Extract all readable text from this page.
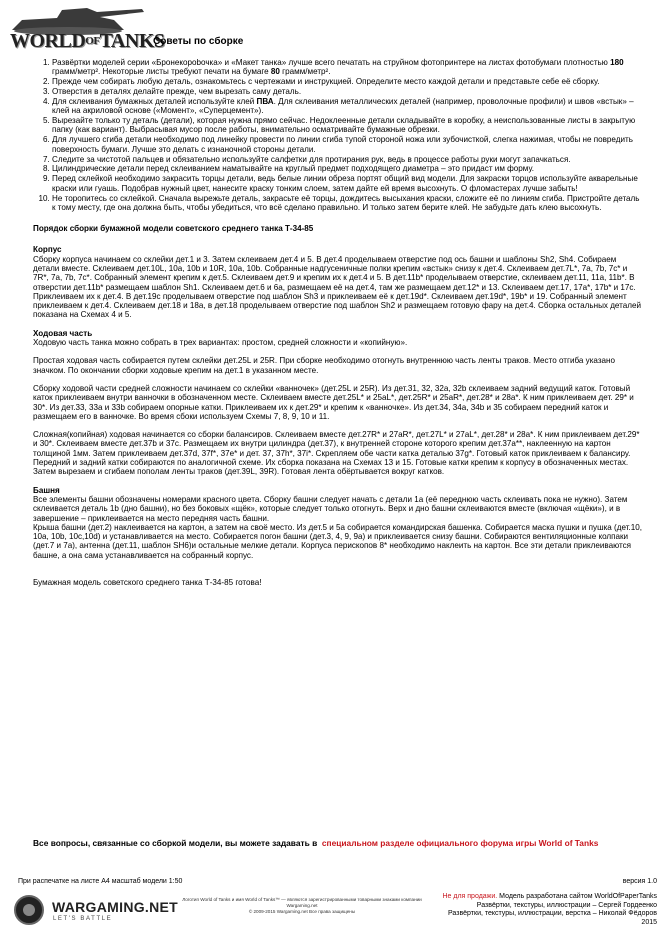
WORLDOFTANKS
Советы по сборке
1. Развёртки моделей серии «Бронекорobочка» и «Макет танка» лучше всего печатать на струйном фотопринтере на листах фотобумаги плотностью 180 грамм/метр². Некоторые листы требуют печати на бумаге 80 грамм/метр².
2. Прежде чем собирать любую деталь, ознакомьтесь с чертежами и инструкцией. Определите место каждой детали и представьте себе её сборку.
3. Отверстия в деталях делайте прежде, чем вырезать саму деталь.
4. Для склеивания бумажных деталей используйте клей ПВА. Для склеивания металлических деталей (например, проволочные профили) и швов «встык» – клей на акриловой основе («Момент», «Суперцемент»).
5. Вырезайте только ту деталь (детали), которая нужна прямо сейчас. Недоклеенные детали складывайте в коробку, а неиспользованные листы в закрытую папку (как вариант). Выбрасывая мусор после работы, внимательно осматривайте бумажные обрезки.
6. Для лучшего сгиба детали необходимо под линейку провести по линии сгиба тупой стороной ножа или зубочисткой, слегка нажимая, чтобы не повредить поверхность бумаги. Лучше это делать с изнаночной стороны детали.
7. Следите за чистотой пальцев и обязательно используйте салфетки для протирания рук, ведь в процессе работы руки могут запачкаться.
8. Цилиндрические детали перед склеиванием наматывайте на круглый предмет подходящего диаметра – это придаст им форму.
9. Перед склейкой необходимо закрасить торцы детали, ведь белые линии обреза портят общий вид модели. Для закраски торцов используйте акварельные краски или гуашь. Подобрав нужный цвет, нанесите краску тонким слоем, затем дайте ей время высохнуть. О фломастерах лучше забыть!
10. Не торопитесь со склейкой. Сначала вырежьте деталь, закрасьте её торцы, дождитесь высыхания краски, сложите её по линиям сгиба. Пристройте деталь к тому месту, где она должна быть, чтобы убедиться, что всё сделано правильно. И только затем берите клей. Не забудьте дать клею высохнуть.
Порядок сборки бумажной модели советского среднего танка Т-34-85
Корпус

Сборку корпуса начинаем со склейки дет.1 и 3. Затем склеиваем дет.4 и 5. В дет.4 проделываем отверстие под ось башни и шаблоны Sh2, Sh4. Собираем детали вместе. Склеиваем дет.10L, 10a, 10b и 10R, 10a, 10b. Собранные надгусеничные полки крепим «встык» снизу к дет.4. Склеиваем дет.7L*, 7a, 7b, 7c* и 7R*, 7a, 7b, 7c*. Собранный элемент крепим к дет.5. Склеиваем дет.9 и крепим их к дет.4 и 5. В дет.11b* проделываем отверстие, склеиваем дет.11, 11a, 11b*. В отверстии дет.11b* размещаем шаблон Sh1. Склеиваем дет.6 и 6a, размещаем её на дет.4, там же размещаем дет.12* и 13. Склеиваем дет.17, 17a*, 17b* и 17c. Приклеиваем их к дет.4. В дет.19c проделываем отверстие под шаблон Sh3 и приклеиваем её к дет.19d*. Склеиваем дет.19d*, 19b* и 19. Собранный элемент приклеиваем к дет.4. Склеиваем дет.18 и 18a, в дет.18 проделываем отверстие под шаблон Sh2 и размещаем готовую фару на дет.4. Сборка остальных деталей показана на Схемах 4 и 5.

Ходовая часть

Ходовую часть танка можно собрать в трех вариантах: простом, средней сложности и «копийную».

Простая ходовая часть собирается путем склейки дет.25L и 25R. При сборке необходимо отогнуть внутреннюю часть ленты траков. Место отгиба указано значком. По окончании сборки ходовые крепим на дет.1 в указанном месте.

Сборку ходовой части средней сложности начинаем со склейки «ванночек» (дет.25L и 25R). Из дет.31, 32, 32a, 32b склеиваем задний ведущий каток. Готовый каток приклеиваем внутри ванночки в обозначенном месте. Склеиваем вместе дет.25L* и 25aL*, дет.25R* и 25aR*, дет.28* и 28a*. К ним приклеиваем дет. 29* и 30*. Из дет.33, 33a и 33b собираем опорные катки. Приклеиваем их к дет.29* и крепим к «ванночке». Из дет.34, 34a, 34b и 35 собираем передний каток и размещаем его в ванночке. Во время сбоки используем Схемы 7, 8, 9, 10 и 11.

Сложная(копийная) ходовая начинается со сборки балансиров. Склеиваем вместе дет.27R* и 27aR*, дет.27L* и 27aL*, дет.28* и 28a*. К ним приклеиваем дет.29* и 30*. Склеиваем вместе дет.37b и 37c. Размещаем их внутри цилиндра (дет.37), к внутренней стороне которого крепим дет.37a**, наклеенную на картон толщиной 1мм. Затем приклеиваем дет.37d, 37f*, 37e* и дет. 37, 37h*, 37i*. Скрепляем обе части катка деталью 37g*. Готовый каток приклеиваем к балансиру. Передний и задний катки собираются по аналогичной схеме. Их сборка показана на Схемах 13 и 15. Готовые катки крепим к корпусу в обозначенных местах. Затем вырезаем и сгибаем пополам ленты траков (дет.39L, 39R). Готовая лента обёртывается вокруг катков.

Башня

Все элементы башни обозначены номерами красного цвета. Сборку башни следует начать с детали 1a (её переднюю часть склеивать пока не нужно). Затем склеивается деталь 1b (дно башни), но без боковых «щёк», которые следует только отогнуть. Верх и дно башни склеиваются вместе (включая «щёки»), и в завершение – приклеивается на место передняя часть башни.

Крыша башни (дет.2) наклеивается на картон, а затем на своё место. Из дет.5 и 5a собирается командирская башенка. Собирается маска пушки и пушка (дет.10, 10a, 10b, 10c,10d) и устанавливается на место. Собирается погон башни (дет.3, 4, 9, 9a) и приклеивается снизу башни. Собираются вентиляционные колпаки (дет.7 и 7a), антенна (дет.11, шаблон SH6)и остальные мелкие детали. Корпуса перископов 8* необходимо наклеить на картон. Все эти детали приклеиваются башне, а она сама устанавливается на собранный корпус.

Бумажная модель советского среднего танка Т-34-85 готова!

Все вопросы, связанные со сборкой модели, вы можете задавать в специальном разделе официального форума игры World of Tanks
При распечатке на листе А4 масштаб модели 1:50	версия 1.0
WARGAMING.NET
LET'S BATTLE
Логотип World of Tanks и имя World of Tanks™ — являются зарегистрированными товарными знаками компании Wargaming.net
© 2009-2015 Wargaming.net Все права защищены
Не для продажи. Модель разработана сайтом WorldOfPaperTanks
Развёртки, текстуры, иллюстрации – Сергей Гордеенко
Развёртки, текстуры, иллюстрации, верстка – Николай Фёдоров
2015
